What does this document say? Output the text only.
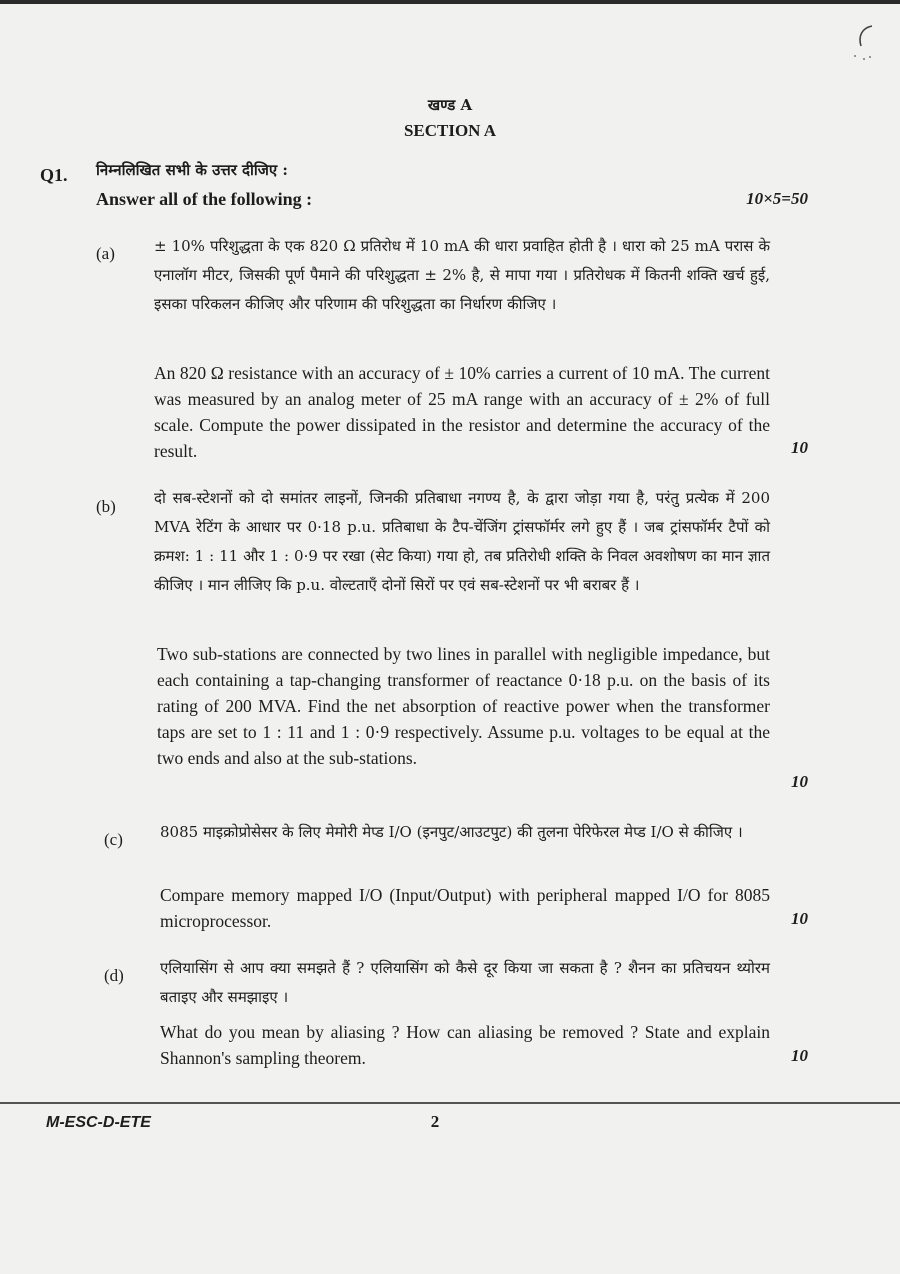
खण्ड A
SECTION A
Q1. निम्नलिखित सभी के उत्तर दीजिए :
Answer all of the following :	10×5=50
(a)	± 10% परिशुद्धता के एक 820 Ω प्रतिरोध में 10 mA की धारा प्रवाहित होती है । धारा को 25 mA परास के एनालॉग मीटर, जिसकी पूर्ण पैमाने की परिशुद्धता ± 2% है, से मापा गया । प्रतिरोधक में कितनी शक्ति खर्च हुई, इसका परिकलन कीजिए और परिणाम की परिशुद्धता का निर्धारण कीजिए ।
An 820 Ω resistance with an accuracy of ± 10% carries a current of 10 mA. The current was measured by an analog meter of 25 mA range with an accuracy of ± 2% of full scale. Compute the power dissipated in the resistor and determine the accuracy of the result.	10
(b)	दो सब-स्टेशनों को दो समांतर लाइनों, जिनकी प्रतिबाधा नगण्य है, के द्वारा जोड़ा गया है, परंतु प्रत्येक में 200 MVA रेटिंग के आधार पर 0·18 p.u. प्रतिबाधा के टैप-चेंजिंग ट्रांसफॉर्मर लगे हुए हैं । जब ट्रांसफॉर्मर टैपों को क्रमश: 1 : 11 और 1 : 0·9 पर रखा (सेट किया) गया हो, तब प्रतिरोधी शक्ति के निवल अवशोषण का मान ज्ञात कीजिए । मान लीजिए कि p.u. वोल्टताएँ दोनों सिरों पर एवं सब-स्टेशनों पर भी बराबर हैं ।
Two sub-stations are connected by two lines in parallel with negligible impedance, but each containing a tap-changing transformer of reactance 0·18 p.u. on the basis of its rating of 200 MVA. Find the net absorption of reactive power when the transformer taps are set to 1 : 11 and 1 : 0·9 respectively. Assume p.u. voltages to be equal at the two ends and also at the sub-stations.
10
(c) 8085 माइक्रोप्रोसेसर के लिए मेमोरी मेप्ड I/O (इनपुट/आउटपुट) की तुलना पेरिफेरल मेप्ड I/O से कीजिए ।
Compare memory mapped I/O (Input/Output) with peripheral mapped I/O for 8085 microprocessor.	10
(d) एलियासिंग से आप क्या समझते हैं ? एलियासिंग को कैसे दूर किया जा सकता है ? शैनन का प्रतिचयन थ्योरम बताइए और समझाइए ।
What do you mean by aliasing ? How can aliasing be removed ? State and explain Shannon's sampling theorem.	10
M-ESC-D-ETE	2
